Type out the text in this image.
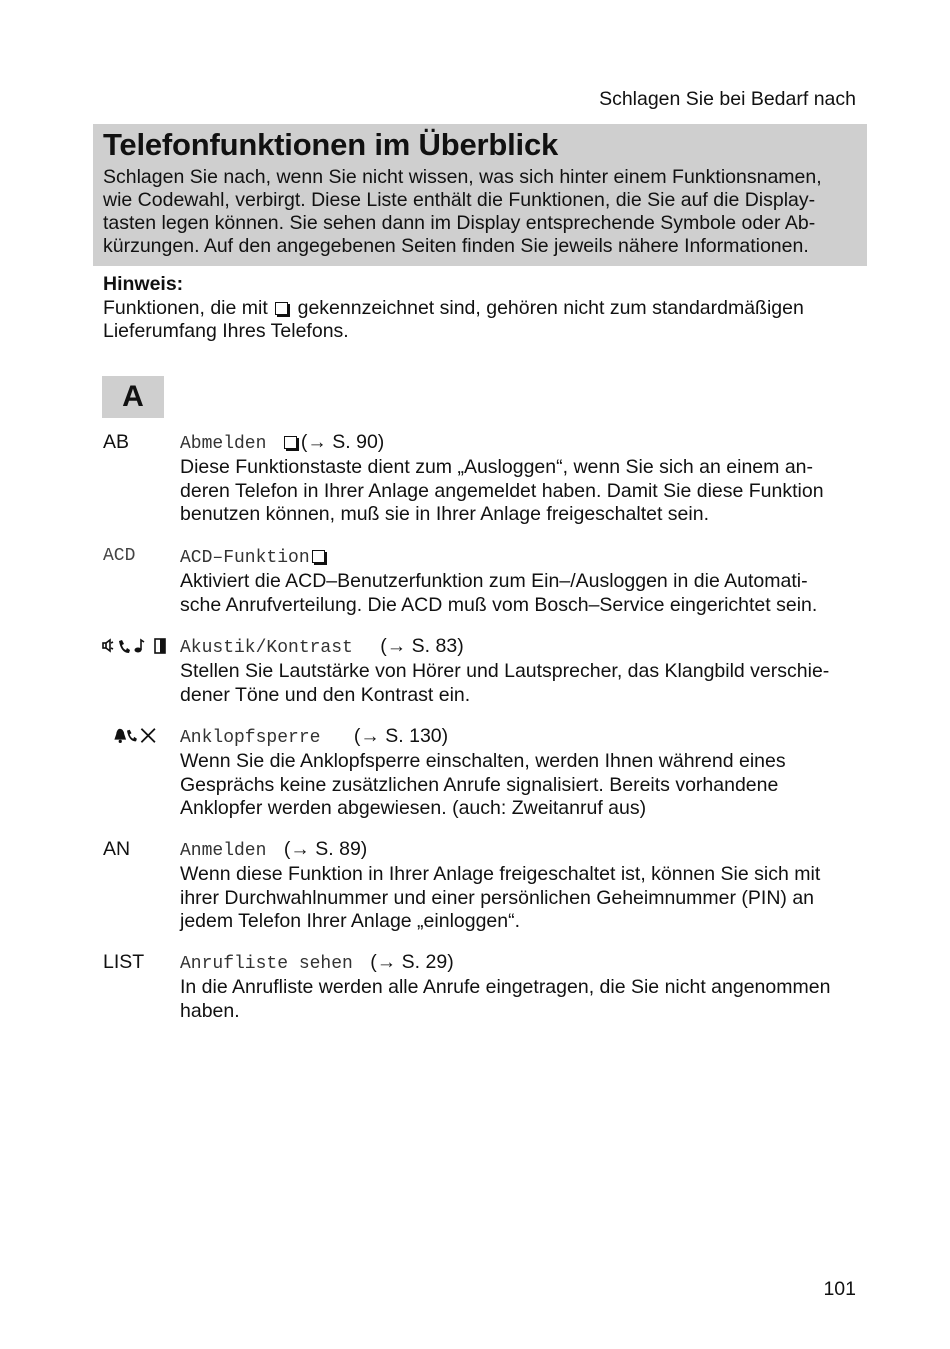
Schlagen Sie bei Bedarf nach
Telefonfunktionen im Überblick

Schlagen Sie nach, wenn Sie nicht wissen, was sich hinter einem Funktionsnamen,
wie Codewahl, verbirgt. Diese Liste enthält die Funktionen, die Sie auf die Display-
tasten legen können. Sie sehen dann im Display entsprechende Symbole oder Ab-
kürzungen. Auf den angegebenen Seiten finden Sie jeweils nähere Informationen.

Hinweis:
Funktionen, die mit gekennzeichnet sind, gehören nicht zum standardmäßigen
Lieferumfang Ihres Telefons.
A
AB	Abmelden (→ S. 90)
Diese Funktionstaste dient zum „Ausloggen“, wenn Sie sich an einem an-
deren Telefon in Ihrer Anlage angemeldet haben. Damit Sie diese Funktion
benutzen können, muß sie in Ihrer Anlage freigeschaltet sein.
ACD ACD–Funktion
Aktiviert die ACD–Benutzerfunktion zum Ein–/Ausloggen in die Automati-
sche Anrufverteilung. Die ACD muß vom Bosch–Service eingerichtet sein.
Akustik/Kontrast (→ S. 83)
Stellen Sie Lautstärke von Hörer und Lautsprecher, das Klangbild verschie-
dener Töne und den Kontrast ein.
Anklopfsperre (→ S. 130)
Wenn Sie die Anklopfsperre einschalten, werden Ihnen während eines
Gesprächs keine zusätzlichen Anrufe signalisiert. Bereits vorhandene
Anklopfer werden abgewiesen. (auch: Zweitanruf aus)
AN	Anmelden (→ S. 89)
Wenn diese Funktion in Ihrer Anlage freigeschaltet ist, können Sie sich mit
ihrer Durchwahlnummer und einer persönlichen Geheimnummer (PIN) an
jedem Telefon Ihrer Anlage „einloggen“.
LIST Anrufliste sehen (→ S. 29)
In die Anrufliste werden alle Anrufe eingetragen, die Sie nicht angenommen
haben.
101
